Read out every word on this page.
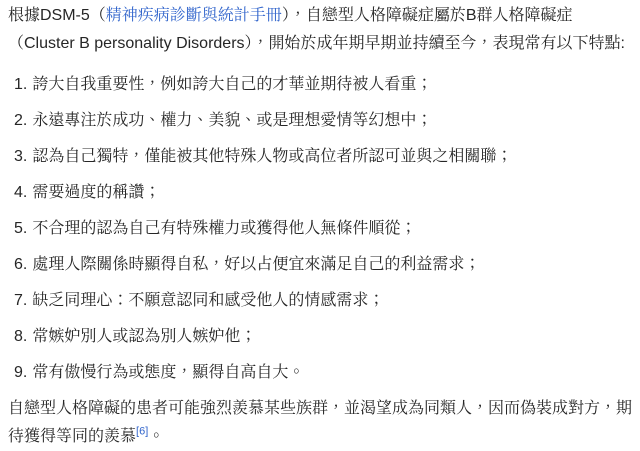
根據DSM-5（精神疾病診斷與統計手冊），自戀型人格障礙症屬於B群人格障礙症（Cluster B personality Disorders），開始於成年期早期並持續至今，表現常有以下特點:

1. 誇大自我重要性，例如誇大自己的才華並期待被人看重；
2. 永遠專注於成功、權力、美貌、或是理想愛情等幻想中；
3. 認為自己獨特，僅能被其他特殊人物或高位者所認可並與之相關聯；
4. 需要過度的稱讚；
5. 不合理的認為自己有特殊權力或獲得他人無條件順從；
6. 處理人際關係時顯得自私，好以占便宜來滿足自己的利益需求；
7. 缺乏同理心：不願意認同和感受他人的情感需求；
8. 常嫉妒別人或認為別人嫉妒他；
9. 常有傲慢行為或態度，顯得自高自大。

自戀型人格障礙的患者可能強烈羨慕某些族群，並渴望成為同類人，因而偽裝成對方，期待獲得等同的羨慕[6]。
